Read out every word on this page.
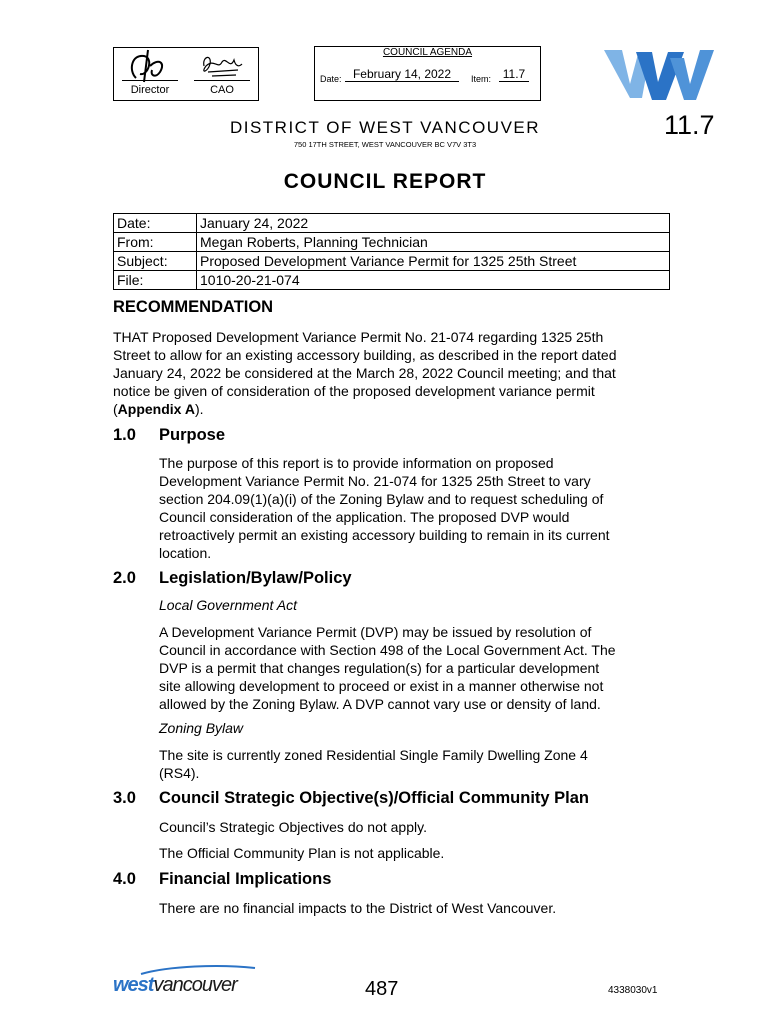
Director	CAO
COUNCIL AGENDA
Date: February 14, 2022	Item: 11.7
11.7
DISTRICT OF WEST VANCOUVER
750 17TH STREET, WEST VANCOUVER BC V7V 3T3
COUNCIL REPORT
Date:	January 24, 2022
From:	Megan Roberts, Planning Technician
Subject:	Proposed Development Variance Permit for 1325 25th Street
File:	1010-20-21-074
RECOMMENDATION
THAT Proposed Development Variance Permit No. 21-074 regarding 1325 25th
Street to allow for an existing accessory building, as described in the report dated
January 24, 2022 be considered at the March 28, 2022 Council meeting; and that
notice be given of consideration of the proposed development variance permit
(Appendix A).
1.0 Purpose
The purpose of this report is to provide information on proposed
Development Variance Permit No. 21-074 for 1325 25th Street to vary
section 204.09(1)(a)(i) of the Zoning Bylaw and to request scheduling of
Council consideration of the application. The proposed DVP would
retroactively permit an existing accessory building to remain in its current
location.
2.0 Legislation/Bylaw/Policy
Local Government Act
A Development Variance Permit (DVP) may be issued by resolution of
Council in accordance with Section 498 of the Local Government Act. The
DVP is a permit that changes regulation(s) for a particular development
site allowing development to proceed or exist in a manner otherwise not
allowed by the Zoning Bylaw. A DVP cannot vary use or density of land.
Zoning Bylaw
The site is currently zoned Residential Single Family Dwelling Zone 4
(RS4).
3.0 Council Strategic Objective(s)/Official Community Plan
Council’s Strategic Objectives do not apply.
The Official Community Plan is not applicable.
4.0 Financial Implications
There are no financial impacts to the District of West Vancouver.
westvancouver	487	4338030v1
